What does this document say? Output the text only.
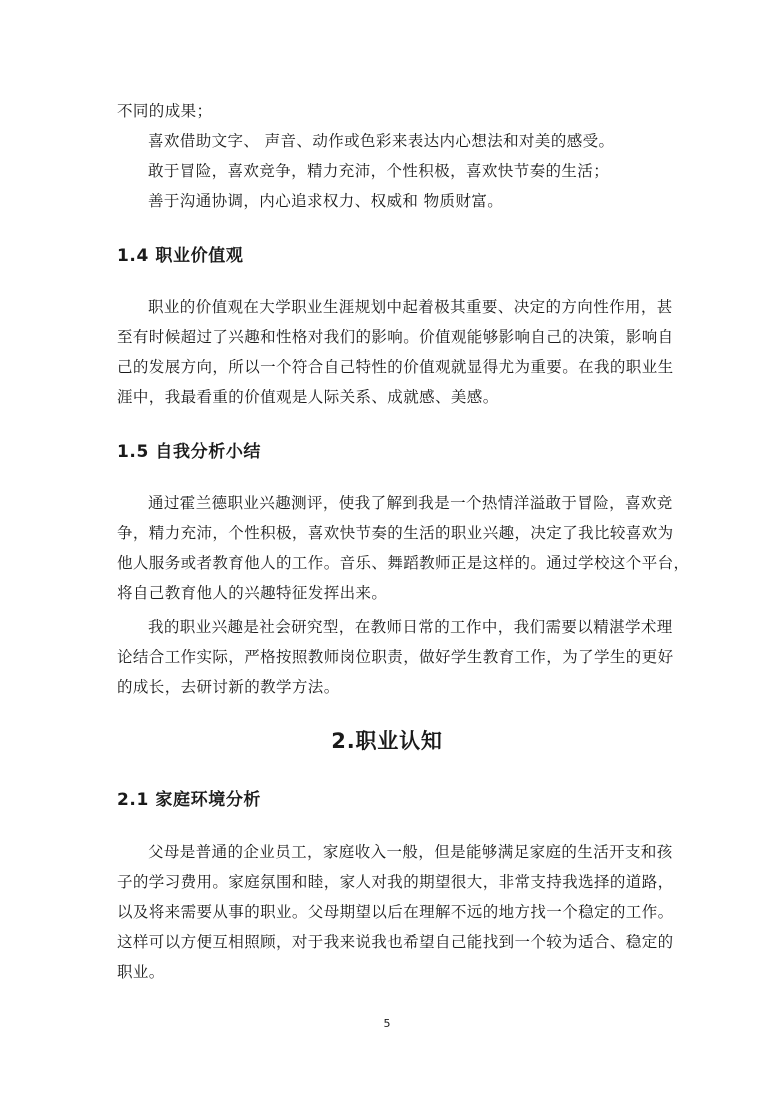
不同的成果；
喜欢借助文字、 声音、动作或色彩来表达内心想法和对美的感受。
敢于冒险，喜欢竞争，精力充沛，个性积极，喜欢快节奏的生活；
善于沟通协调，内心追求权力、权威和 物质财富。
1.4 职业价值观
职业的价值观在大学职业生涯规划中起着极其重要、决定的方向性作用，甚
至有时候超过了兴趣和性格对我们的影响。价值观能够影响自己的决策，影响自
己的发展方向，所以一个符合自己特性的价值观就显得尤为重要。在我的职业生
涯中，我最看重的价值观是人际关系、成就感、美感。
1.5 自我分析小结
通过霍兰德职业兴趣测评，使我了解到我是一个热情洋溢敢于冒险，喜欢竞
争，精力充沛，个性积极，喜欢快节奏的生活的职业兴趣，决定了我比较喜欢为
他人服务或者教育他人的工作。音乐、舞蹈教师正是这样的。通过学校这个平台，
将自己教育他人的兴趣特征发挥出来。
我的职业兴趣是社会研究型，在教师日常的工作中，我们需要以精湛学术理
论结合工作实际，严格按照教师岗位职责，做好学生教育工作，为了学生的更好
的成长，去研讨新的教学方法。
2.职业认知
2.1 家庭环境分析
父母是普通的企业员工，家庭收入一般，但是能够满足家庭的生活开支和孩
子的学习费用。家庭氛围和睦，家人对我的期望很大，非常支持我选择的道路，
以及将来需要从事的职业。父母期望以后在理解不远的地方找一个稳定的工作。
这样可以方便互相照顾，对于我来说我也希望自己能找到一个较为适合、稳定的
职业。
5
